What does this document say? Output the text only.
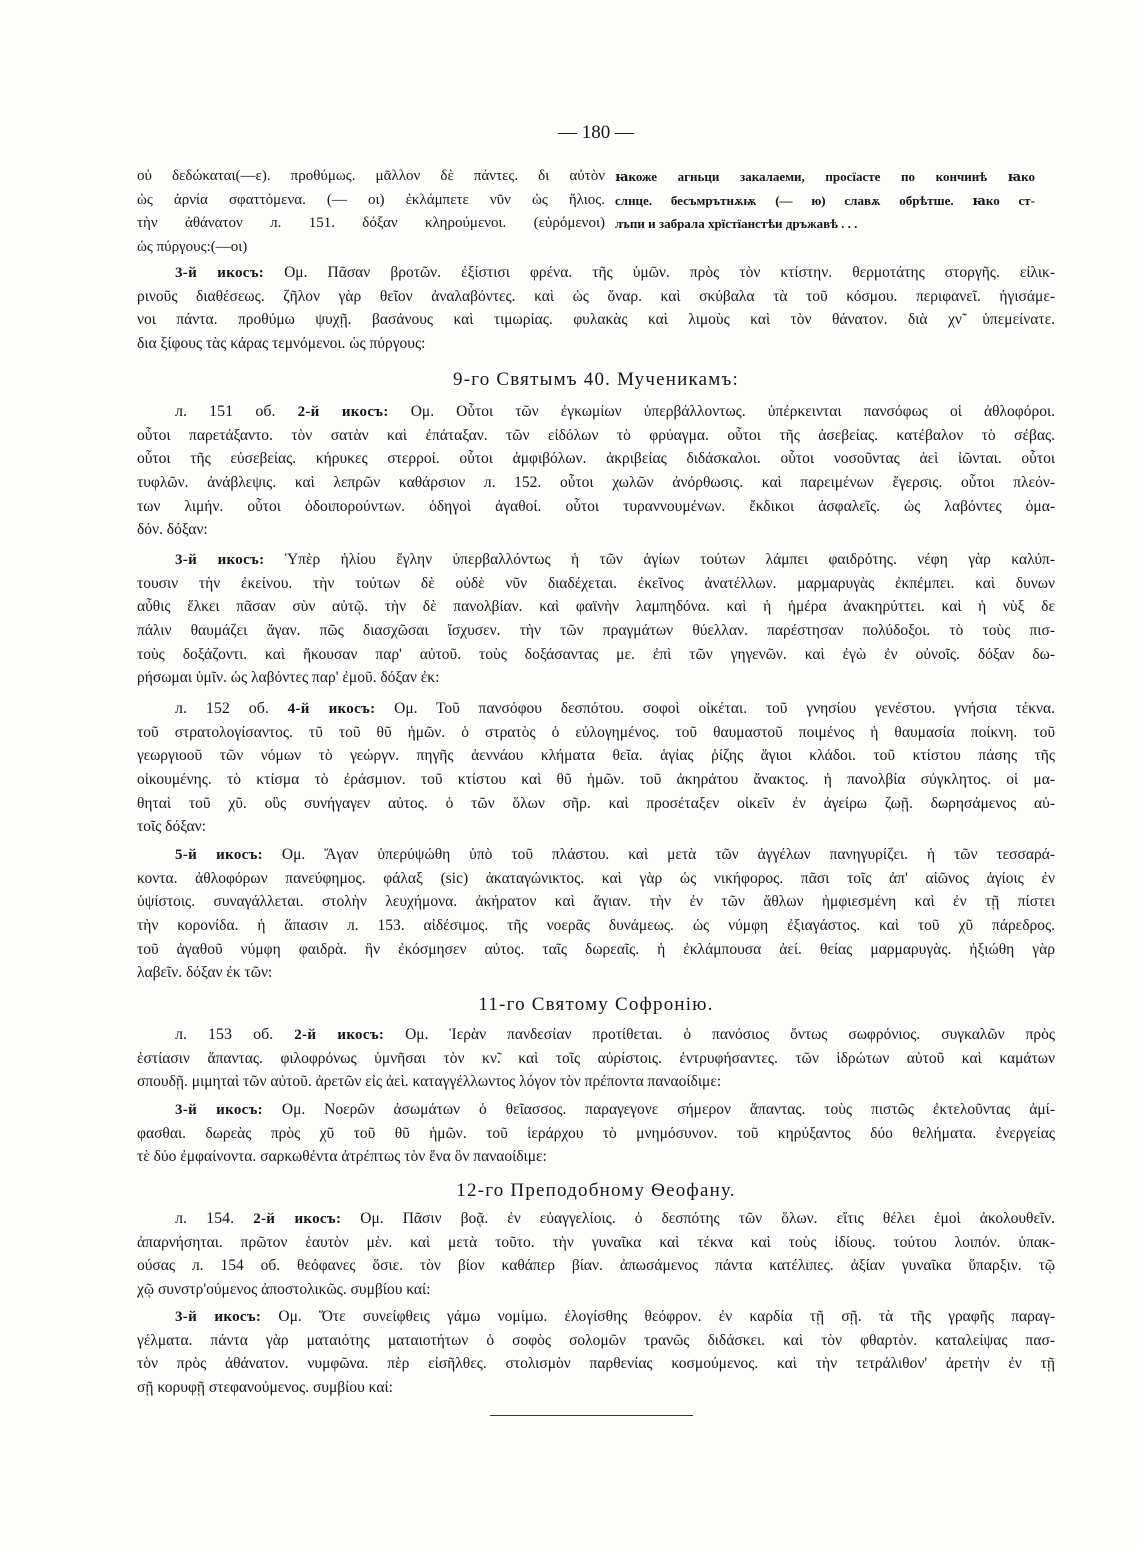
— 180 —
οὐ δεδώκαται(—ε). προθύμως. μᾶλλον δὲ πάντες. δι αὐτὸν
ὡς ἀρνία σφαττόμενα. (— οι) ἐκλάμπετε νῦν ὡς ἥλιος.
τὴν ἀθάνατον л. 151. δόξαν κληρούμενοι. (εὑρόμενοι)
ὡς πύργους:(—οι)
ꙗкоже агньци закалаеми, просїасте по кончинѣ ꙗко
слнце. бесъмрътнѫѭ (— ю) славѫ обрѣтше. ꙗко ст-
лъпи и забрала хрїстїанстѣи дръжавѣ . . .
3-й икосъ: Ομ. Πᾶσαν βροτῶν. ἐξίστισι φρένα. τῆς ὑμῶν. πρὸς τὸν κτίστην. θερμοτάτης στοργῆς. εἰλικ-
ρινοῦς διαθέσεως. ζῆλον γὰρ θεῖον ἀναλαβόντες. καὶ ὡς ὄναρ. καὶ σκύβαλα τὰ τοῦ κόσμου. περιφανεῖ. ἡγισάμε-
νοι πάντα. προθύμω ψυχῇ. βασάνους καὶ τιμωρίας. φυλακὰς καὶ λιμοὺς καὶ τὸν θάνατον. διὰ χν̃ ὑπεμείνατε.
δια ξίφους τὰς κάρας τεμνόμενοι. ὡς πύργους:
9-го Святымъ 40. Мученикамъ:
л. 151 об. 2-й икосъ: Ομ. Οὗτοι τῶν ἐγκωμίων ὑπερβάλλοντως. ὑπέρκεινται πανσόφως οἱ ἀθλοφόροι.
οὗτοι παρετάξαντο. τὸν σατὰν καὶ ἐπάταξαν. τῶν εἰδόλων τὸ φρύαγμα. οὗτοι τῆς ἀσεβείας. κατέβαλον τὸ σέβας.
οὗτοι τῆς εὐσεβείας. κήρυκες στερροί. οὗτοι ἀμφιβόλων. ἀκριβείας διδάσκαλοι. οὗτοι νοσοῦντας ἀεὶ ἰῶνται. οὗτοι
τυφλῶν. ἀνάβλεψις. καὶ λεπρῶν καθάρσιον л. 152. οὗτοι χωλῶν ἀνόρθωσις. καὶ παρειμένων ἔγερσις. οὗτοι πλεόν-
των λιμήν. οὗτοι ὁδοιπορούντων. ὁδηγοὶ ἀγαθοί. οὗτοι τυραννουμένων. ἔκδικοι ἀσφαλεῖς. ὡς λαβόντες ὁμα-
δόν. δόξαν:
3-й икосъ: Ὑπὲρ ἡλίου ἔγλην ὑπερβαλλόντως ἡ τῶν ἁγίων τούτων λάμπει φαιδρότης. νέφη γὰρ καλύπ-
τουσιν τὴν ἐκείνου. τὴν τούτων δὲ οὐδὲ νῦν διαδέχεται. ἐκεῖνος ἀνατέλλων. μαρμαρυγὰς ἐκπέμπει. καὶ δυνων
αὖθις ἕλκει πᾶσαν σὺν αὐτῷ. τὴν δὲ πανολβίαν. καὶ φαϊνὴν λαμπηδόνα. καὶ ἡ ἡμέρα ἀνακηρύττει. καὶ ἡ νὺξ δε
πάλιν θαυμάζει ἄγαν. πῶς διασχῶσαι ἴσχυσεν. τὴν τῶν πραγμάτων θύελλαν. παρέστησαν πολύδοξοι. τὸ τοὺς πισ-
τοὺς δοξάζοντι. καὶ ἤκουσαν παρ' αὐτοῦ. τοὺς δοξάσαντας με. ἐπὶ τῶν γηγενῶν. καὶ ἐγὼ ἐν οὐνοῖς. δόξαν δω-
ρήσωμαι ὑμῖν. ὡς λαβόντες παρ' ἐμοῦ. δόξαν ἐκ:
л. 152 об. 4-й икосъ: Ομ. Τοῦ πανσόφου δεσπότου. σοφοὶ οἰκέται. τοῦ γνησίου γενέστου. γνήσια τέκνα.
τοῦ στρατολογίσαντος. τῦ τοῦ θῦ ἡμῶν. ὁ στρατὸς ὁ εὐλογημένος. τοῦ θαυμαστοῦ ποιμένος ἡ θαυμασία ποίκνη. τοῦ
γεωργιοοῦ τῶν νόμων τὸ γεώργν. πηγῆς ἀεννάου κλήματα θεῖα. ἁγίας ῥίζης ἅγιοι κλάδοι. τοῦ κτίστου πάσης τῆς
οἰκουμένης. τὸ κτίσμα τὸ ἐράσμιον. τοῦ κτίστου καὶ θῦ ἡμῶν. τοῦ ἀκηράτου ἄνακτος. ἡ πανολβία σύγκλητος. οἱ μα-
θηταὶ τοῦ χῦ. οὓς συνήγαγεν αὐτος. ὁ τῶν ὅλων σῆρ. καὶ προσέταξεν οἰκεῖν ἐν ἀγείρω ζωῇ. δωρησάμενος αὐ-
τοῖς δόξαν:
5-й икосъ: Ομ. Ἄγαν ὑπερύψώθη ὑπὸ τοῦ πλάστου. καὶ μετὰ τῶν ἀγγέλων πανηγυρίζει. ἡ τῶν τεσσαρά-
κοντα. ἀθλοφόρων πανεύφημος. φάλαξ (sic) ἀκαταγώνικτος. καὶ γὰρ ὡς νικήφορος. πᾶσι τοῖς ἀπ' αἰῶνος ἁγίοις ἐν
ὑψίστοις. συναγάλλεται. στολὴν λευχήμονα. ἀκήρατον καὶ ἅγιαν. τὴν ἐν τῶν ἄθλων ἠμφιεσμένη καὶ ἐν τῇ πίστει
τὴν κορονίδα. ἡ ἅπασιν л. 153. αἰδέσιμος. τῆς νοερᾶς δυνάμεως. ὡς νύμφη ἐξιαγάστος. καὶ τοῦ χῦ πάρεδρος.
τοῦ ἀγαθοῦ νύμφη φαιδρὰ. ἣν ἐκόσμησεν αὐτος. ταῖς δωρεαῖς. ἡ ἐκλάμπουσα ἀεί. θείας μαρμαρυγὰς. ἠξιώθη γὰρ
λαβεῖν. δόξαν ἐκ τῶν:
11-го Святому Софронію.
л. 153 об. 2-й икосъ: Ομ. Ἱερὰν πανδεσίαν προτίθεται. ὁ πανόσιος ὄντως σωφρόνιος. συγκαλῶν πρὸς
ἑστίασιν ἅπαντας. φιλοφρόνως ὑμνῆσαι τὸν κν̃. καὶ τοῖς αὐρίστοις. ἐντρυφήσαντες. τῶν ἱδρώτων αὐτοῦ καὶ καμάτων
σπουδῇ. μιμηταὶ τῶν αὐτοῦ. ἀρετῶν εἰς ἀεὶ. καταγγέλλωντος λόγον τὸν πρέποντα παναοίδιμε:
3-й икосъ: Ομ. Νοερῶν ἀσωμάτων ὁ θεῖασσος. παραγεγονε σήμερον ἅπαντας. τοὺς πιστῶς ἐκτελοῦντας ἀμί-
φασθαι. δωρεὰς πρὸς χῦ τοῦ θῦ ἡμῶν. τοῦ ἱεράρχου τὸ μνημόσυνον. τοῦ κηρύξαντος δύο θελήματα. ἐνεργείας
τὲ δύο ἐμφαίνοντα. σαρκωθέντα ἀτρέπτως τὸν ἕνα ὃν παναοίδιμε:
12-го Преподобному Ѳеофану.
л. 154. 2-й икосъ: Ομ. Πᾶσιν βοᾷ. ἐν εὐαγγελίοις. ὁ δεσπότης τῶν ὅλων. εἴτις θέλει ἐμοὶ ἀκολουθεῖν.
ἀπαρνήσηται. πρῶτον ἑαυτὸν μὲν. καὶ μετὰ τοῦτο. τὴν γυναῖκα καὶ τέκνα καὶ τοὺς ἰδίους. τούτου λοιπόν. ὑπακ-
ούσας л. 154 об. θεόφανες ὅσιε. τὸν βίον καθάπερ βίαν. ἀπωσάμενος πάντα κατέλιπες. ἀξίαν γυναῖκα ὕπαρξιν. τῷ
χῷ συνστρ'ούμενος ἀποστολικῶς. συμβίου καί:
3-й икосъ: Ομ. Ὅτε συνείφθεις γάμω νομίμω. ἐλογίσθης θεόφρον. ἐν καρδία τῇ σῇ. τὰ τῆς γραφῆς παραγ-
γέλματα. πάντα γὰρ ματαιότης ματαιοτήτων ὁ σοφὸς σολομῶν τρανῶς διδάσκει. καὶ τὸν φθαρτὸν. καταλείψας πασ-
τὸν πρὸς ἀθάνατον. νυμφῶνα. πὲρ εἰσῆλθες. στολισμὸν παρθενίας κοσμούμενος. καὶ τὴν τετράλιθον' ἀρετὴν ἐν τῇ
σῇ κορυφῇ στεφανούμενος. συμβίου καί:
